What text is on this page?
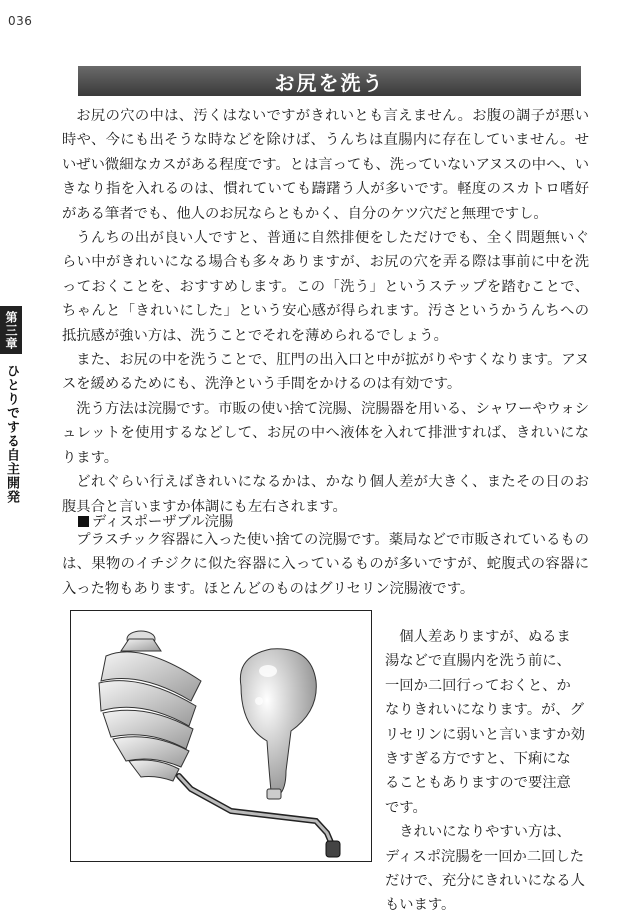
036
お尻を洗う

お尻の穴の中は、汚くはないですがきれいとも言えません。お腹の調子が悪い時や、今にも出そうな時などを除けば、うんちは直腸内に存在していません。せいぜい微細なカスがある程度です。とは言っても、洗っていないアヌスの中へ、いきなり指を入れるのは、慣れていても躊躇う人が多いです。軽度のスカトロ嗜好がある筆者でも、他人のお尻ならともかく、自分のケツ穴だと無理ですし。

うんちの出が良い人ですと、普通に自然排便をしただけでも、全く問題無いぐらい中がきれいになる場合も多々ありますが、お尻の穴を弄る際は事前に中を洗っておくことを、おすすめします。この「洗う」というステップを踏むことで、ちゃんと「きれいにした」という安心感が得られます。汚さというかうんちへの抵抗感が強い方は、洗うことでそれを薄められるでしょう。

また、お尻の中を洗うことで、肛門の出入口と中が拡がりやすくなります。アヌスを緩めるためにも、洗浄という手間をかけるのは有効です。

洗う方法は浣腸です。市販の使い捨て浣腸、浣腸器を用いる、シャワーやウォシュレットを使用するなどして、お尻の中へ液体を入れて排泄すれば、きれいになります。

どれぐらい行えばきれいになるかは、かなり個人差が大きく、またその日のお腹具合と言いますか体調にも左右されます。

第三章
ひとりでする自主開発
ディスポーザブル浣腸

プラスチック容器に入った使い捨ての浣腸です。薬局などで市販されているものは、果物のイチジクに似た容器に入っているものが多いですが、蛇腹式の容器に入った物もあります。ほとんどのものはグリセリン浣腸液です。

個人差ありますが、ぬるま湯などで直腸内を洗う前に、一回か二回行っておくと、かなりきれいになります。が、グリセリンに弱いと言いますか効きすぎる方ですと、下痢になることもありますので要注意です。

きれいになりやすい方は、ディスポ浣腸を一回か二回しただけで、充分にきれいになる人もいます。
